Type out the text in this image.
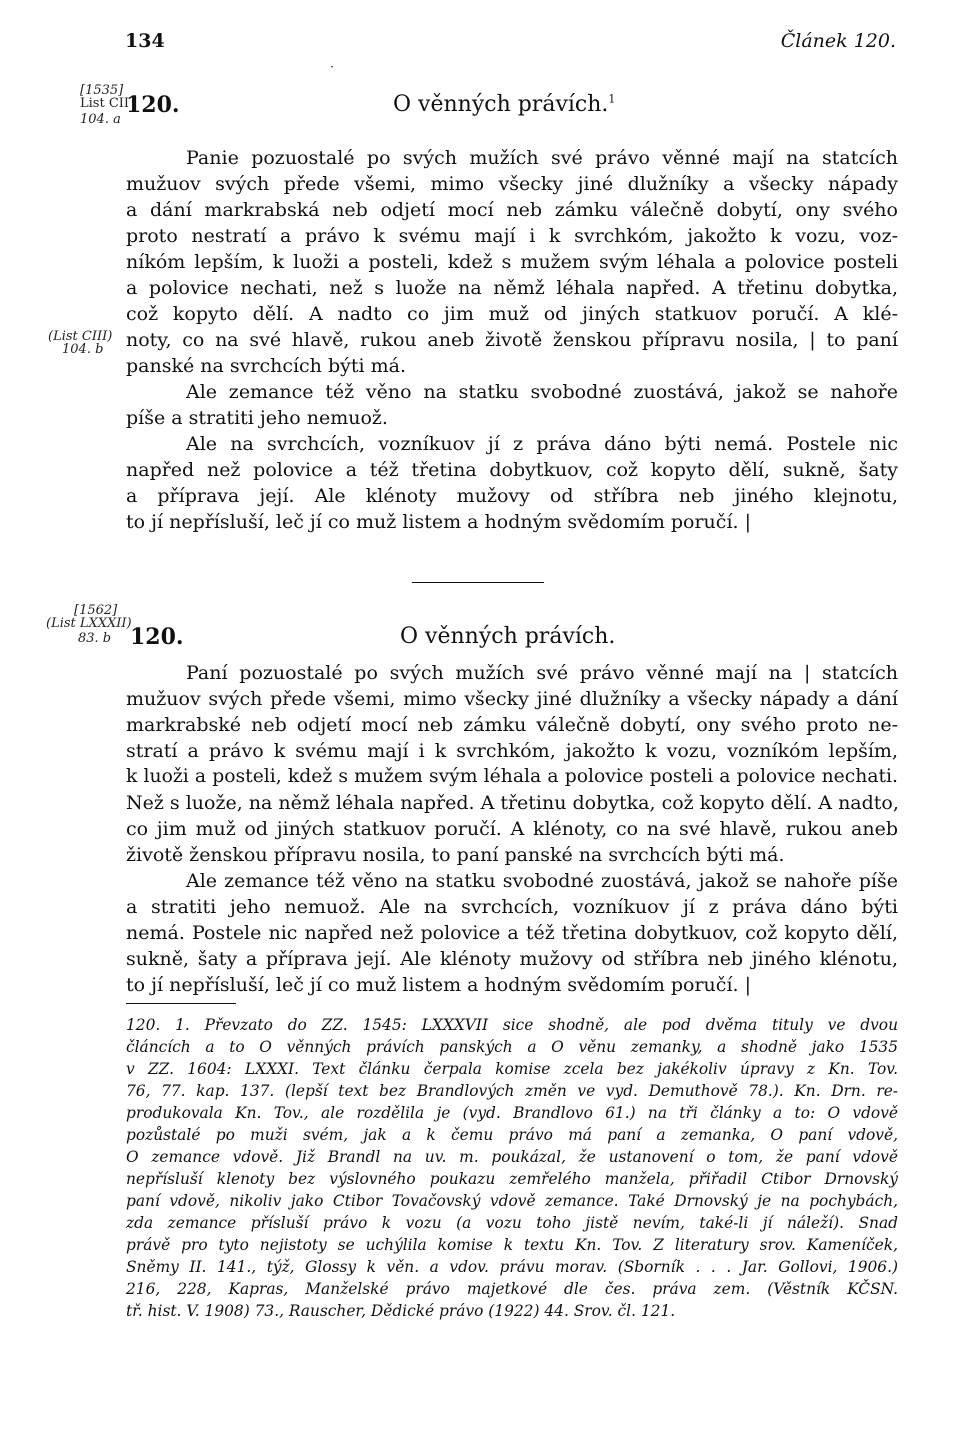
134	Článek 120.
·
[1535]
List CII
104. a
120.	O věnných právích.$^1$
Panie pozuostalé po svých mužích své právo věnné mají na statcích
mužuov svých přede všemi, mimo všecky jiné dlužníky a všecky nápady
a dání markrabská neb odjetí mocí neb zámku válečně dobytí, ony svého
proto nestratí a právo k svému mají i k svrchkóm, jakožto k vozu, voz-
níkóm lepším, k luoži a posteli, kdež s mužem svým léhala a polovice posteli
a polovice nechati, než s luože na němž léhala napřed. A třetinu dobytka,
což kopyto dělí. A nadto co jim muž od jiných statkuov poručí. A klé-
noty, co na své hlavě, rukou aneb životě ženskou přípravu nosila, | to paní
panské na svrchcích býti má.
Ale zemance též věno na statku svobodné zuostává, jakož se nahoře
píše a stratiti jeho nemuož.
Ale na svrchcích, vozníkuov jí z práva dáno býti nemá. Postele nic
napřed než polovice a též třetina dobytkuov, což kopyto dělí, sukně, šaty
a příprava její. Ale klénoty mužovy od stříbra neb jiného klejnotu,
to jí nepřísluší, leč jí co muž listem a hodným svědomím poručí. |
(List CIII)
104. b
[1562]
(List LXXXII)
83. b 120.	O věnných právích.
Paní pozuostalé po svých mužích své právo věnné mají na | statcích
mužuov svých přede všemi, mimo všecky jiné dlužníky a všecky nápady a dání
markrabské neb odjetí mocí neb zámku válečně dobytí, ony svého proto ne-
stratí a právo k svému mají i k svrchkóm, jakožto k vozu, vozníkóm lepším,
k luoži a posteli, kdež s mužem svým léhala a polovice posteli a polovice nechati.
Než s luože, na němž léhala napřed. A třetinu dobytka, což kopyto dělí. A nadto,
co jim muž od jiných statkuov poručí. A klénoty, co na své hlavě, rukou aneb
životě ženskou přípravu nosila, to paní panské na svrchcích býti má.
Ale zemance též věno na statku svobodné zuostává, jakož se nahoře píše
a stratiti jeho nemuož. Ale na svrchcích, vozníkuov jí z práva dáno býti
nemá. Postele nic napřed než polovice a též třetina dobytkuov, což kopyto dělí,
sukně, šaty a příprava její. Ale klénoty mužovy od stříbra neb jiného klénotu,
to jí nepřísluší, leč jí co muž listem a hodným svědomím poručí. |
120. 1. Převzato do ZZ. 1545: LXXXVII sice shodně, ale pod dvěma tituly ve dvou
článcích a to O věnných právích panských a O věnu zemanky, a shodně jako 1535
v ZZ. 1604: LXXXI. Text článku čerpala komise zcela bez jakékoliv úpravy z Kn. Tov.
76, 77. kap. 137. (lepší text bez Brandlových změn ve vyd. Demuthově 78.). Kn. Drn. re-
produkovala Kn. Tov., ale rozdělila je (vyd. Brandlovo 61.) na tři články a to: O vdově
pozůstalé po muži svém, jak a k čemu právo má paní a zemanka, O paní vdově,
O zemance vdově. Již Brandl na uv. m. poukázal, že ustanovení o tom, že paní vdově
nepřísluší klenoty bez výslovného poukazu zemřelého manžela, přiřadil Ctibor Drnovský
paní vdově, nikoliv jako Ctibor Tovačovský vdově zemance. Také Drnovský je na pochybách,
zda zemance přísluší právo k vozu (a vozu toho jistě nevím, také-li jí náleží). Snad
právě pro tyto nejistoty se uchýlila komise k textu Kn. Tov. Z literatury srov. Kameníček,
Sněmy II. 141., týž, Glossy k věn. a vdov. právu morav. (Sborník . . . Jar. Gollovi, 1906.)
216, 228, Kapras, Manželské právo majetkové dle čes. práva zem. (Věstník KČSN.
tř. hist. V. 1908) 73., Rauscher, Dědické právo (1922) 44. Srov. čl. 121.
